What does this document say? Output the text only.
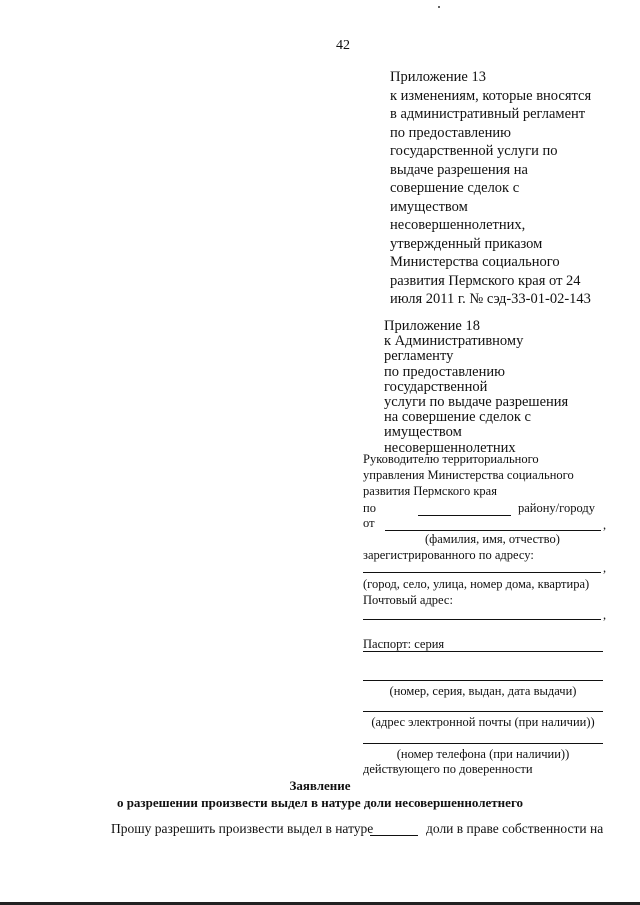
42
Приложение 13
к изменениям, которые вносятся
в административный регламент
по предоставлению
государственной услуги по
выдаче разрешения на
совершение сделок с
имуществом
несовершеннолетних,
утвержденный приказом
Министерства социального
развития Пермского края от 24
июля 2011 г. № сэд-33-01-02-143
Приложение 18
к Административному
регламенту
по предоставлению
государственной
услуги по выдаче разрешения
на совершение сделок с
имуществом
несовершеннолетних
Руководителю территориального
управления Министерства социального
развития Пермского края
по	району/городу
от	,
(фамилия, имя, отчество)
зарегистрированного по адресу:
,
(город, село, улица, номер дома, квартира)
Почтовый адрес:
,
Паспорт: серия
(номер, серия, выдан, дата выдачи)
(адрес электронной почты (при наличии))
(номер телефона (при наличии))
действующего по доверенности
Заявление
о разрешении произвести выдел в натуре доли несовершеннолетнего
Прошу разрешить произвести выдел в натуре	доли в праве собственности на
